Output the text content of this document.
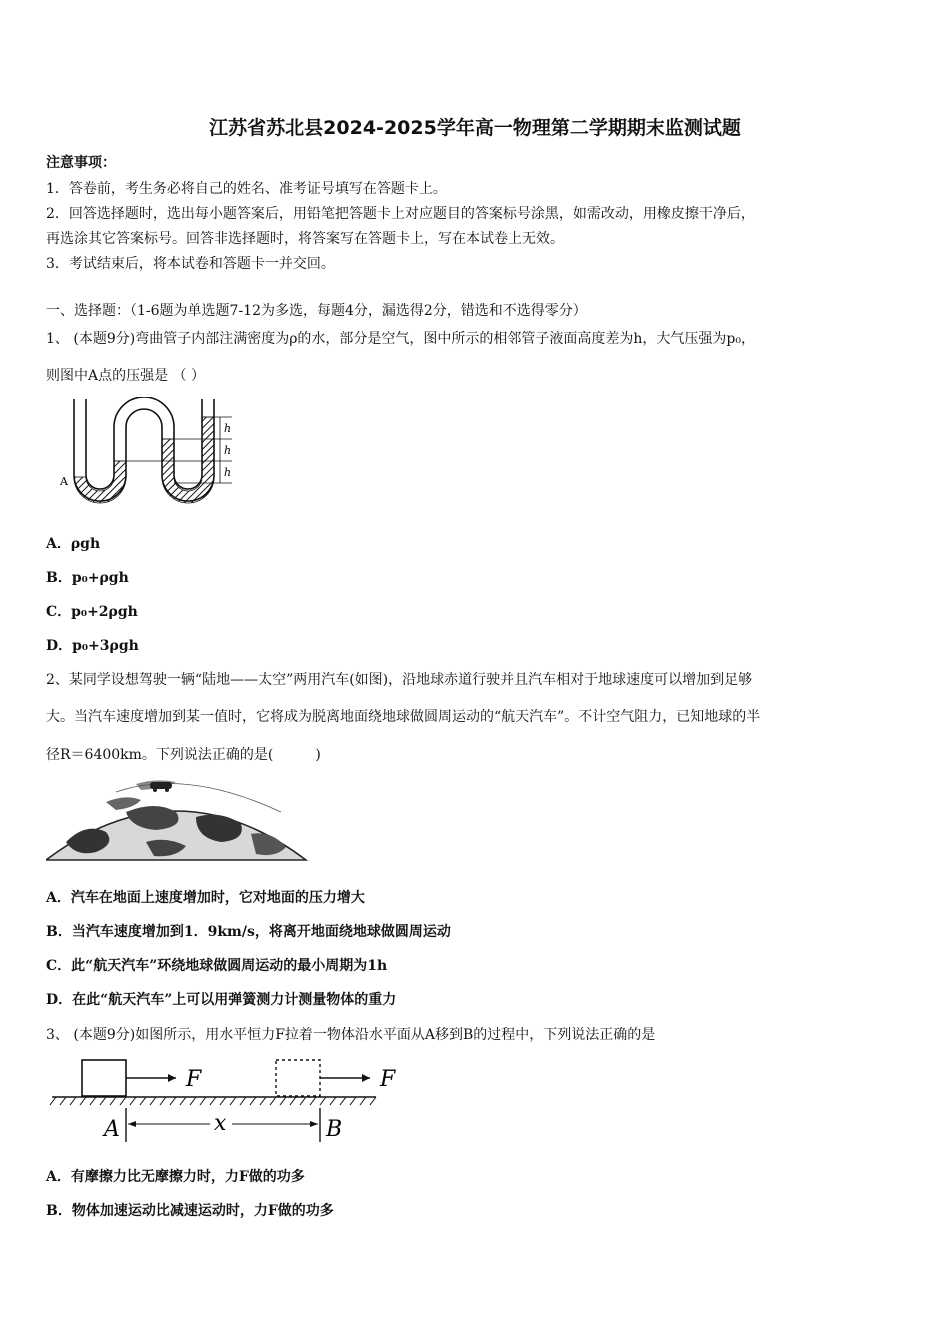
江苏省苏北县2024-2025学年高一物理第二学期期末监测试题
注意事项：
1．答卷前，考生务必将自己的姓名、准考证号填写在答题卡上。
2．回答选择题时，选出每小题答案后，用铅笔把答题卡上对应题目的答案标号涂黑，如需改动，用橡皮擦干净后，
再选涂其它答案标号。回答非选择题时，将答案写在答题卡上，写在本试卷上无效。
3．考试结束后，将本试卷和答题卡一并交回。
一、选择题：（1-6题为单选题7-12为多选，每题4分，漏选得2分，错选和不选得零分）
1、 (本题9分)弯曲管子内部注满密度为ρ的水，部分是空气，图中所示的相邻管子液面高度差为h，大气压强为p₀，
则图中A点的压强是 （ ）
h
h
h
A
A．ρgh
B．p₀+ρgh
C．p₀+2ρgh
D．p₀+3ρgh
2、某同学设想驾驶一辆“陆地——太空”两用汽车(如图)，沿地球赤道行驶并且汽车相对于地球速度可以增加到足够
大。当汽车速度增加到某一值时，它将成为脱离地面绕地球做圆周运动的“航天汽车”。不计空气阻力，已知地球的半
径R＝6400km。下列说法正确的是(　　　)
A．汽车在地面上速度增加时，它对地面的压力增大
B．当汽车速度增加到1．9km/s，将离开地面绕地球做圆周运动
C．此“航天汽车”环绕地球做圆周运动的最小周期为1h
D．在此“航天汽车”上可以用弹簧测力计测量物体的重力
3、 (本题9分)如图所示，用水平恒力F拉着一物体沿水平面从A移到B的过程中，下列说法正确的是
F	F
x
A	B
A．有摩擦力比无摩擦力时，力F做的功多
B．物体加速运动比减速运动时，力F做的功多
